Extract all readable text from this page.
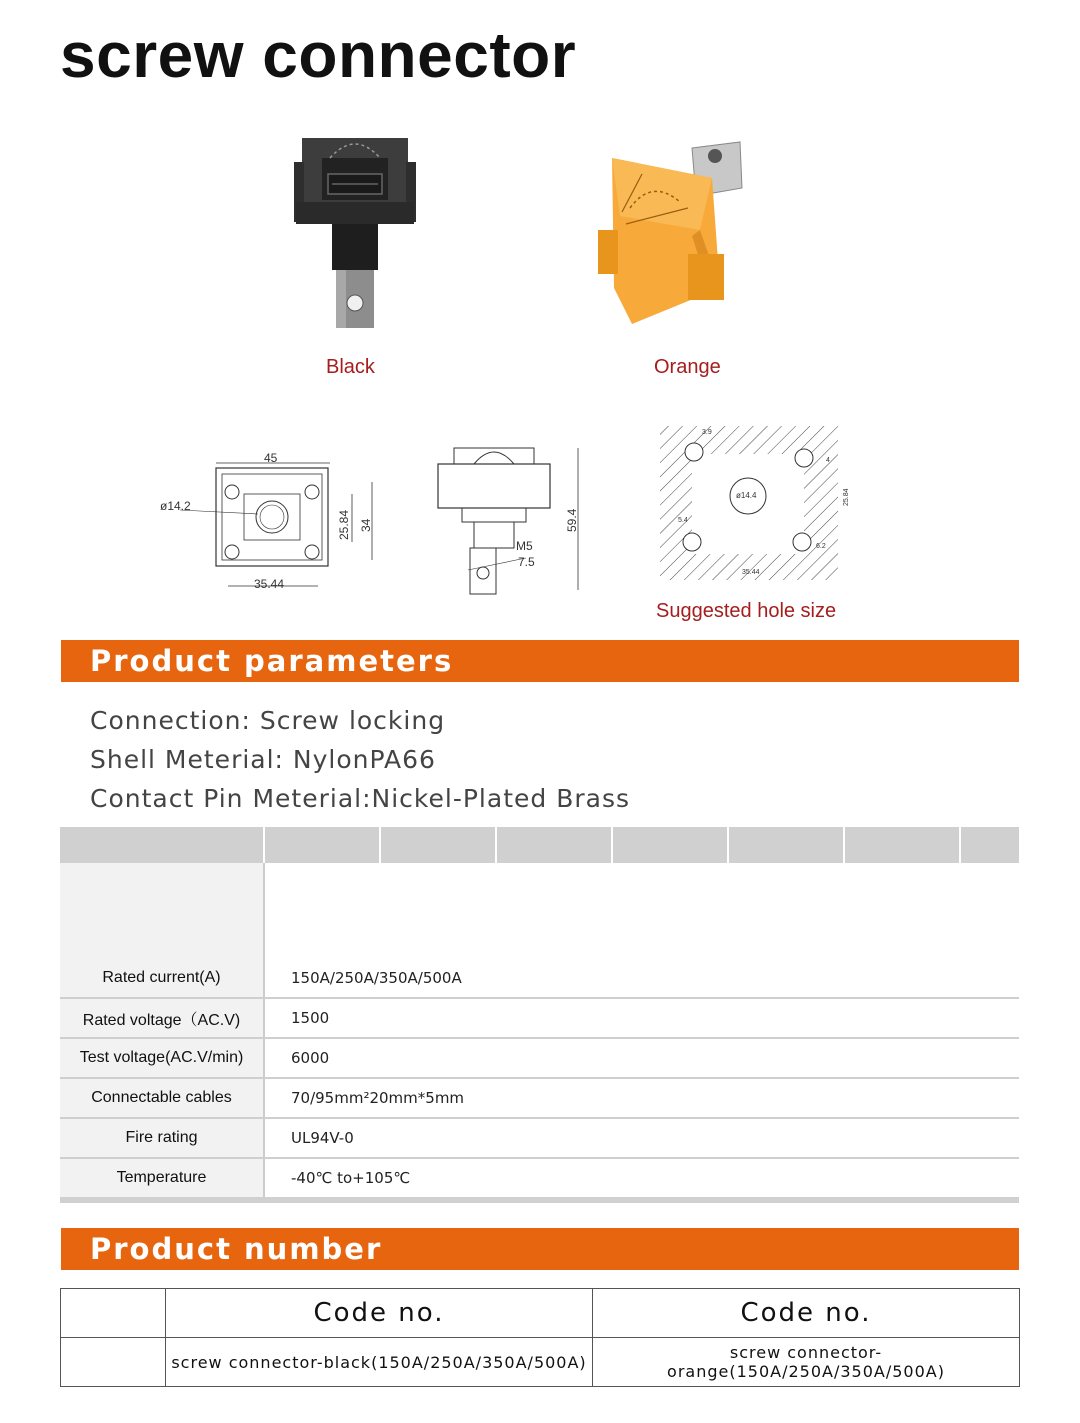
screw connector
Black	Orange
45
ø14.2
35.44
25.84 34
M5
7.5
59.4
ø14.4
3.9
25.84
35.44
5.4
4
6.2
Suggested hole size
Product parameters
Connection: Screw locking
Shell Meterial: NylonPA66
Contact Pin Meterial:Nickel-Plated Brass

Rated current(A)	150A/250A/350A/500A						
Rated voltage（AC.V)	1500						
Test voltage(AC.V/min)	6000						
Connectable cables	70/95mm²20mm*5mm						
Fire rating	UL94V-0						
Temperature	-40℃ to+105℃						
Product number
	Code no.	Code no.
	screw connector-black(150A/250A/350A/500A)	screw connector-orange(150A/250A/350A/500A)
